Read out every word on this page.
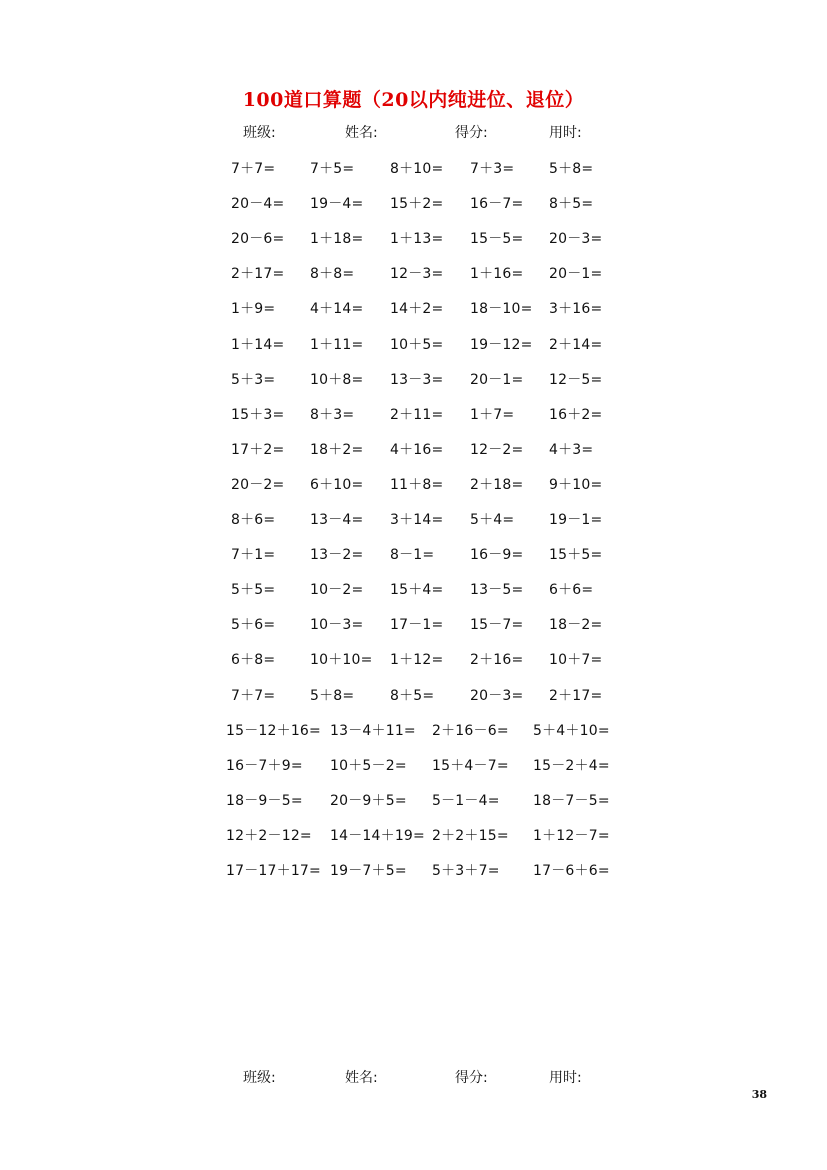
100道口算题（20以内纯进位、退位）
班级:	姓名:	得分:	用时:
7＋7= 7＋5=	8＋10= 7＋3= 5＋8=
20－4= 19－4= 15＋2= 16－7= 8＋5=
20－6= 1＋18= 1＋13= 15－5= 20－3=
2＋17= 8＋8=	12－3= 1＋16= 20－1=
1＋9= 4＋14= 14＋2= 18－10= 3＋16=
1＋14= 1＋11= 10＋5= 19－12= 2＋14=
5＋3= 10＋8= 13－3= 20－1= 12－5=
15＋3= 8＋3=	2＋11= 1＋7= 16＋2=
17＋2= 18＋2= 4＋16= 12－2= 4＋3=
20－2= 6＋10= 11＋8= 2＋18= 9＋10=
8＋6= 13－4= 3＋14= 5＋4= 19－1=
7＋1= 13－2= 8－1=	16－9= 15＋5=
5＋5= 10－2= 15＋4= 13－5= 6＋6=
5＋6= 10－3= 17－1= 15－7= 18－2=
6＋8= 10＋10= 1＋12= 2＋16= 10＋7=
7＋7= 5＋8=	8＋5=	20－3= 2＋17=
15－12＋16= 13－4＋11= 2＋16－6= 5＋4＋10=
16－7＋9= 10＋5－2= 15＋4－7= 15－2＋4=
18－9－5= 20－9＋5= 5－1－4= 18－7－5=
12＋2－12= 14－14＋19= 2＋2＋15= 1＋12－7=
17－17＋17= 19－7＋5= 5＋3＋7= 17－6＋6=
班级:	姓名:	得分:	用时:
38
